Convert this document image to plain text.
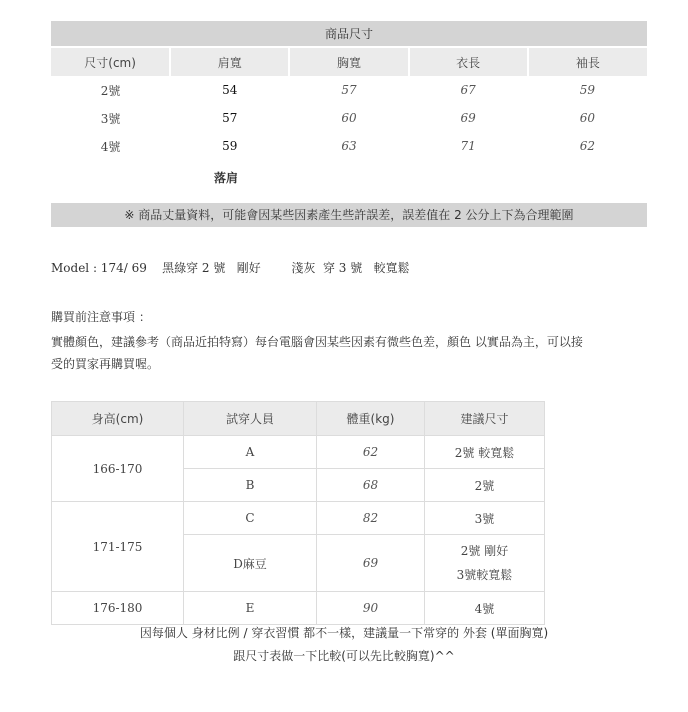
商品尺寸				
尺寸(cm)	肩寬	胸寬	衣長	袖長
2號	54	57	67	59
3號	57	60	69	60
4號	59	63	71	62
落肩
※ 商品丈量資料，可能會因某些因素產生些許誤差，誤差值在 2 公分上下為合理範圍
Model : 174/ 69    黑綠穿 2 號   剛好        淺灰  穿 3 號   較寬鬆
購買前注意事項 ：
實體顏色，建議參考（商品近拍特寫）每台電腦會因某些因素有微些色差，顏色 以實品為主，可以接
受的買家再購買喔。
身高(cm)	試穿人員	體重(kg)	建議尺寸
166-170	A	62	2號 較寬鬆
	B	68	2號
171-175	C	82	3號
	D麻豆	69	2號 剛好
3號較寬鬆

176-180	E	90	4號
因每個人 身材比例 / 穿衣習慣 都不一樣，建議量一下常穿的 外套 (單面胸寬)
跟尺寸表做一下比較(可以先比較胸寬)^^
